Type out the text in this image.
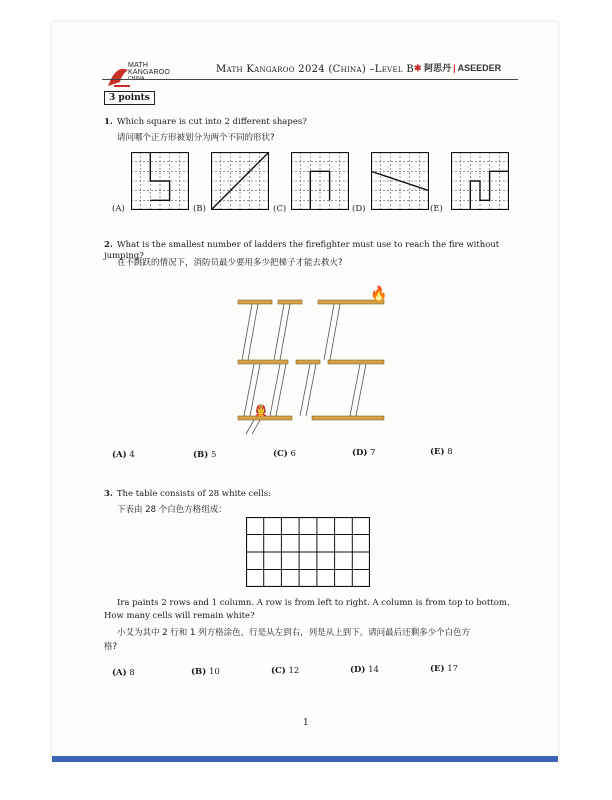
MATH
KANGAROO	Math Kangaroo 2024 (China) –Level B ✱ 阿思丹 | ASEEDER
3 points
1. Which square is cut into 2 different shapes?
请问哪个正方形被划分为两个不同的形状?
(A)	(B)	(C)	(D)	(E)
2. What is the smallest number of ladders the firefighter must use to reach the fire without jumping?
在不跳跃的情况下，消防员最少要用多少把梯子才能去救火?
🔥
🧑‍🚒
(A) 4	(B) 5	(C) 6	(D) 7	(E) 8
3. The table consists of 28 white cells:
下表由 28 个白色方格组成：
Ira paints 2 rows and 1 column. A row is from left to right. A column is from top to bottom.
How many cells will remain white?
小艾为其中 2 行和 1 列方格涂色，行是从左到右，列是从上到下。请问最后还剩多少个白色方
格?
(A) 8	(B) 10	(C) 12	(D) 14	(E) 17
1
